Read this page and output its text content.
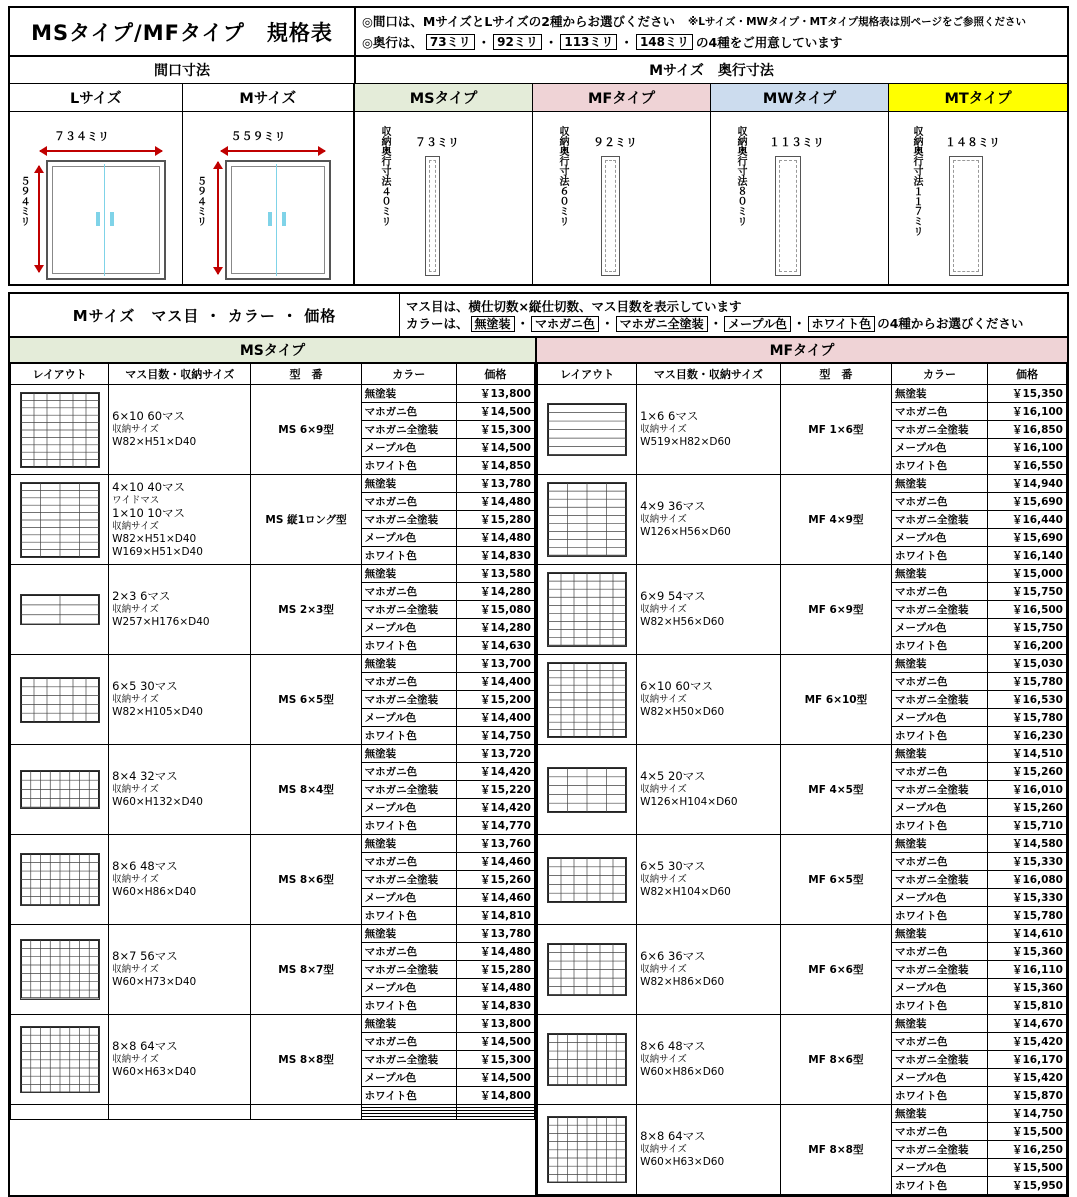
MSタイプ/MFタイプ　規格表 ◎間口は、MサイズとLサイズの2種からお選びください ※Lサイズ・MWタイプ・MTタイプ規格表は別ページをご参照ください
◎奥行は、 73ミリ ・ 92ミリ ・ 113ミリ ・ 148ミリ の4種をご用意しています
間口寸法	Mサイズ　奥行寸法
Lサイズ	Mサイズ	MSタイプ	MFタイプ	MWタイプ	MTタイプ
７３４ミリ
５９４ミリ
５５９ミリ
５９４ミリ
７３ミリ
収納奥行寸法４０ミリ	９２ミリ
収納奥行寸法６０ミリ	１１３ミリ
収納奥行寸法８０ミリ	１４８ミリ
収納奥行寸法１１７ミリ
Mサイズ　マス目 ・ カラー ・ 価格	マス目は、横仕切数×縦仕切数、マス目数を表示しています
カラーは、 無塗装 ・ マホガニ色 ・ マホガニ全塗装 ・ メープル色 ・ ホワイト色 の4種からお選びください
MSタイプ	MFタイプ
レイアウト	マス目数・収納サイズ	型　番	カラー	価格

6×10 60マス
収納サイズ
W82×H51×D40	MS 6×9型	無塗装	￥13,800
			マホガニ色	￥14,500
			マホガニ全塗装	￥15,300
			メープル色	￥14,500
			ホワイト色	￥14,850

4×10 40マス
ワイドマス
1×10 10マス
収納サイズ
W82×H51×D40
W169×H51×D40
	MS 縦1ロング型	無塗装	￥13,780
			マホガニ色	￥14,480
			マホガニ全塗装	￥15,280
			メープル色	￥14,480
			ホワイト色	￥14,830

2×3 6マス
収納サイズ
W257×H176×D40	MS 2×3型	無塗装	￥13,580
			マホガニ色	￥14,280
			マホガニ全塗装	￥15,080
			メープル色	￥14,280
			ホワイト色	￥14,630

6×5 30マス
収納サイズ
W82×H105×D40	MS 6×5型	無塗装	￥13,700
			マホガニ色	￥14,400
			マホガニ全塗装	￥15,200
			メープル色	￥14,400
			ホワイト色	￥14,750

8×4 32マス
収納サイズ
W60×H132×D40	MS 8×4型	無塗装	￥13,720
			マホガニ色	￥14,420
			マホガニ全塗装	￥15,220
			メープル色	￥14,420
			ホワイト色	￥14,770

8×6 48マス
収納サイズ
W60×H86×D40	MS 8×6型	無塗装	￥13,760
			マホガニ色	￥14,460
			マホガニ全塗装	￥15,260
			メープル色	￥14,460
			ホワイト色	￥14,810

8×7 56マス
収納サイズ
W60×H73×D40	MS 8×7型	無塗装	￥13,780
			マホガニ色	￥14,480
			マホガニ全塗装	￥15,280
			メープル色	￥14,480
			ホワイト色	￥14,830

8×8 64マス
収納サイズ
W60×H63×D40	MS 8×8型	無塗装	￥13,800
			マホガニ色	￥14,500
			マホガニ全塗装	￥15,300
			メープル色	￥14,500
			ホワイト色	￥14,800

レイアウト	マス目数・収納サイズ	型　番	カラー	価格

1×6 6マス
収納サイズ
W519×H82×D60	MF 1×6型	無塗装	￥15,350
			マホガニ色	￥16,100
			マホガニ全塗装	￥16,850
			メープル色	￥16,100
			ホワイト色	￥16,550

4×9 36マス
収納サイズ
W126×H56×D60	MF 4×9型	無塗装	￥14,940
			マホガニ色	￥15,690
			マホガニ全塗装	￥16,440
			メープル色	￥15,690
			ホワイト色	￥16,140

6×9 54マス
収納サイズ
W82×H56×D60	MF 6×9型	無塗装	￥15,000
			マホガニ色	￥15,750
			マホガニ全塗装	￥16,500
			メープル色	￥15,750
			ホワイト色	￥16,200

6×10 60マス
収納サイズ
W82×H50×D60	MF 6×10型	無塗装	￥15,030
			マホガニ色	￥15,780
			マホガニ全塗装	￥16,530
			メープル色	￥15,780
			ホワイト色	￥16,230

4×5 20マス
収納サイズ
W126×H104×D60	MF 4×5型	無塗装	￥14,510
			マホガニ色	￥15,260
			マホガニ全塗装	￥16,010
			メープル色	￥15,260
			ホワイト色	￥15,710

6×5 30マス
収納サイズ
W82×H104×D60	MF 6×5型	無塗装	￥14,580
			マホガニ色	￥15,330
			マホガニ全塗装	￥16,080
			メープル色	￥15,330
			ホワイト色	￥15,780

6×6 36マス
収納サイズ
W82×H86×D60	MF 6×6型	無塗装	￥14,610
			マホガニ色	￥15,360
			マホガニ全塗装	￥16,110
			メープル色	￥15,360
			ホワイト色	￥15,810

8×6 48マス
収納サイズ
W60×H86×D60	MF 8×6型	無塗装	￥14,670
			マホガニ色	￥15,420
			マホガニ全塗装	￥16,170
			メープル色	￥15,420
			ホワイト色	￥15,870

8×8 64マス
収納サイズ
W60×H63×D60	MF 8×8型	無塗装	￥14,750
			マホガニ色	￥15,500
			マホガニ全塗装	￥16,250
			メープル色	￥15,500
			ホワイト色	￥15,950
